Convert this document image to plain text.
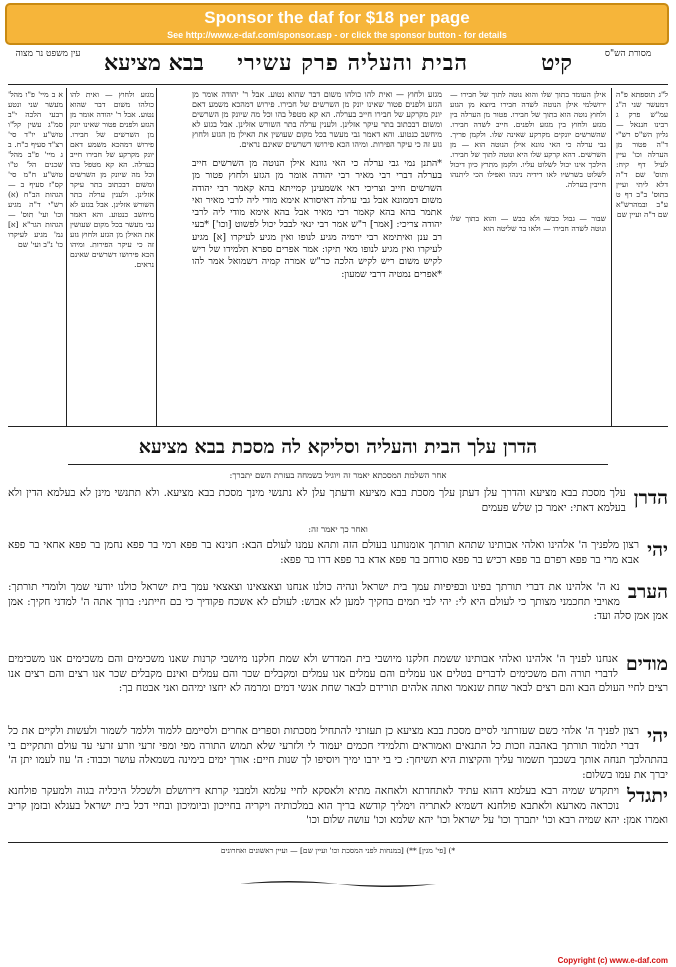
Sponsor the daf for $18 per page
See http://www.e-daf.com/sponsor.asp - or click the sponsor button - for details
מסורת הש"ס
קיט
הבית והעליה פרק עשירי
בבא מציעא
עין משפט נר מצוה
ל"ג תוספתא פ"ה דמעשר שני ה"ג עמ"ש פרק ג רבינו חננאל — גליון הש"ס רש"י ד"ה פטור מן הערלה וכו' עיין לעיל דף קיח: ותוס' שם ד"ה דלא ליתי ועיין בתוס' ב"ב דף ט ע"ב ובמהרש"א שם ד"ה ועיין שם
אילן העומד בתוך שלו והוא נוטה לתוך של חבירו — ירושלמי אילן הנוטה לשדה חבירו ביוצא מן הגזע ולחוץ נוטה הוא בתוך של חבירו. פטור מן הערלה בין מגזע ולחוץ בין מגזע ולפנים. חייב לשדה חבירו. שהשרשים יונקים מקרקע שאינה שלו. ולקמן פריך. גבי ערלה כי האי גוונא אילן הנוטה הוא — מן השרשים. דהא קרקע שלו היא ונוטה לתוך של חבירו. הילכך אינו יכול לשלוט עליו. ולקמן מתרץ כיון דיכול לשלוט בשרשיו לאו דידיה נינהו ואפילו הכי ליתנהו חייבין בערלה.
שבור — גבול כבשו ולא כבש — והוא בתוך שלו ונוטה לשדה חבירו — ולאו בר שליטה הוא
מגזע ולחוץ — ואית להו כולהו משום דבר שהוא נטוע. אבל ר' יהודה אומר מן הגזע ולפנים פטור שאינו יונק מן השרשים של חבירו. פירוש דמהכא משמע דאם יונק מקרקע של חבירו חייב בערלה. הא קא מטפל בהו וכל מה שיונק מן השרשים ומשום דבכתוב בתר עיקר אזלינן. ולענין ערלה בתר השורש אזלינן. אבל בגזע לא מיחשב כנטוע. והא דאמר גבי מעשר בכל מקום שעושין את האילן מן הגזע ולחוץ גזע זה כי עיקר הפירות. ומיהו הכא פירושו דשרשים שאינם נראים.
*התנן נמי גבי ערלה כי האי גוונא אילן הנוטה מן השרשים חייב בערלה דברי רבי מאיר רבי יהודה אומר מן הגזע ולחוץ פטור מן השרשים חייב וצריכי דאי אשמעינן קמייתא בהא קאמר רבי יהודה משום דממונא אבל גבי ערלה דאיסורא אימא מודי ליה לרבי מאיר ואי אתמר בהא בהא קאמר רבי מאיר אבל בהא אימא מודי ליה לרבי יהודה צריכי: [אמר] ר"ש אמר רבי ינאי לבבל יכול לפשוט [וכו'] *בעי רב ענן ואיתימא רבי ירמיה מגיע לנופו ואין מגיע לעיקרו [א] מגיע לעיקרו ואין מגיע לנופו מאי תיקו: אמר אפרים ספרא תלמידו של ריש לקיש משום ריש לקיש הלכה כר"ש אמרה קמיה דשמואל אמר להו *אפרים נמטיה דרבי שמעון:
מגזע ולחוץ — ואית להו כולהו משום דבר שהוא נטוע. אבל ר' יהודה אומר מן הגזע ולפנים פטור שאינו יונק מן השרשים של חבירו. פירוש דמהכא משמע דאם יונק מקרקע של חבירו חייב בערלה. הא קא מטפל בהו וכל מה שיונק מן השרשים ומשום דבכתוב בתר עיקר אזלינן. ולענין ערלה בתר השורש אזלינן. אבל בגזע לא מיחשב כנטוע. והא דאמר גבי מעשר בכל מקום שעושין את האילן מן הגזע ולחוץ גזע זה כי עיקר הפירות. ומיהו הכא פירושו דשרשים שאינם נראים.
א ב מיי' פ"ו מהל' מעשר שני ונטע רבעי הלכה י"ב סמ"ג עשין קל"ו טוש"ע יו"ד סי' רצ"ד סעיף כ"ח. ב ג מיי' פ"ב מהל' שכנים הל' ט"ו טוש"ע ח"מ סי' קס"ז סעיף ב — הגהות הב"ח (א) רש"י ד"ה מגיע וכו' ועי' תוס' — הגהות הגר"א [א] גמ' מגיע לעיקרו כו' נ"ב ועי' שם
הדרן עלך הבית והעליה וסליקא לה מסכת בבא מציעא
אחר השלמת המסכתא יאמר זה ויוגיל בשמחה בעזרת השם יתברך:
הדרן
עלך מסכת בבא מציעא והדרך עלן דעתן עלך מסכת בבא מציעא ודעתך עלן לא נתנשי מינך מסכת בבא מציעא. ולא תתנשי מינן לא בעלמא הדין ולא בעלמא דאתי: יאמר כן שלש פעמים
ואחר כך יאמר זה:
יהי
רצון מלפניך ה' אלהינו ואלהי אבותינו שתהא תורתך אומנותנו בעולם הזה ותהא עמנו לעולם הבא: חנינא בר פפא רמי בר פפא נחמן בר פפא אחאי בר פפא אבא מרי בר פפא רפרם בר פפא רכיש בר פפא סורחב בר פפא אדא בר פפא דרו בר פפא:
הערב
נא ה' אלהינו את דברי תורתך בפינו ובפיפיות עמך בית ישראל ונהיה כולנו אנחנו וצאצאינו וצאצאי עמך בית ישראל כולנו יודעי שמך ולומדי תורתך: מאויבי תחכמני מצותך כי לעולם היא לי: יהי לבי תמים בחקיך למען לא אבוש: לעולם לא אשכח פקודיך כי בם חייתני: ברוך אתה ה' למדני חקיך: אמן אמן אמן סלה ועד:
מודים
אנחנו לפניך ה' אלהינו ואלהי אבותינו ששמת חלקנו מיושבי בית המדרש ולא שמת חלקנו מיושבי קרנות שאנו משכימים והם משכימים אנו משכימים לדברי תורה והם משכימים לדברים בטלים אנו עמלים והם עמלים אנו עמלים ומקבלים שכר והם עמלים ואינם מקבלים שכר אנו רצים והם רצים אנו רצים לחיי העולם הבא והם רצים לבאר שחת שנאמר ואתה אלהים תורידם לבאר שחת אנשי דמים ומרמה לא יחצו ימיהם ואני אבטח בך:
יהי
רצון לפניך ה' אלהי כשם שעזרתני לסיים מסכת בבא מציעא כן תעזרני להתחיל מסכתות וספרים אחרים ולסיימם ללמוד וללמד לשמור ולעשות ולקיים את כל דברי תלמוד תורתך באהבה וזכות כל התנאים ואמוראים ותלמידי חכמים יעמוד לי ולזרעי שלא תמוש התורה מפי ומפי זרעי וזרע זרעי עד עולם ותתקיים בי בהתהלכך תנחה אותך בשכבך תשמור עליך והקיצות היא תשיחך: כי בי ירבו ימיך ויוסיפו לך שנות חיים: אורך ימים בימינה בשמאלה עושר וכבוד: ה' עוז לעמו יתן ה' יברך את עמו בשלום:
יתגדל
ויתקדש שמיה רבא בעלמא דהוא עתיד לאתחדתא ולאחאה מתיא ולאסקא לחיי עלמא ולמבני קרתא דירושלם ולשכלל היכליה בגוה ולמעקר פולחנא נוכראה מארעא ולאתבא פולחנא דשמיא לאתריה וימליך קודשא בריך הוא במלכותיה ויקריה בחייכון וביומיכון ובחיי דכל בית ישראל בעגלא ובזמן קריב ואמרו אמן: יהא שמיה רבא וכו' יתברך וכו' על ישראל וכו' יהא שלמא וכו' עושה שלום וכו'
*) [פי' מגין] **) [במנחות לפני המסכת וכו' ועיין שם] — ועיין ראשונים ואחרונים
Copyright (c) www.e-daf.com
